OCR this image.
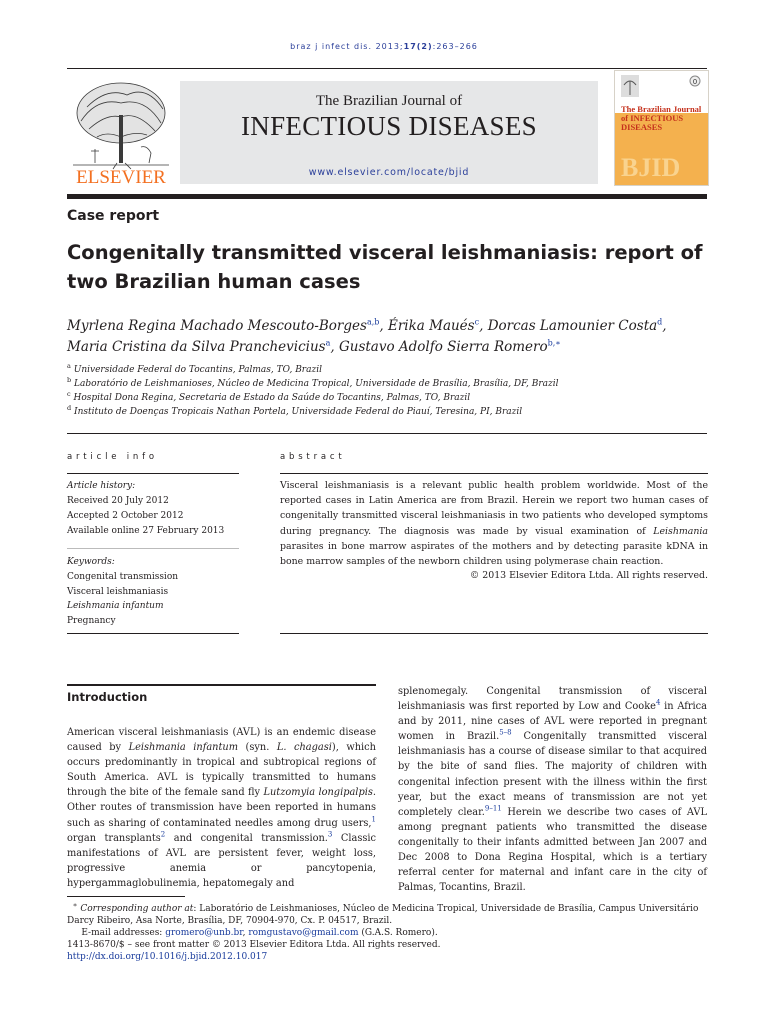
braz j infect dis. 2013;17(2):263–266
ELSEVIER
The Brazilian Journal of
INFECTIOUS DISEASES
www.elsevier.com/locate/bjid
0
The Brazilian Journal of INFECTIOUS DISEASES
BJID
Case report
Congenitally transmitted visceral leishmaniasis: report of two Brazilian human cases
Myrlena Regina Machado Mescouto-Borges$^{a,b}$, Érika Maués$^c$, Dorcas Lamounier Costa$^d$,
Maria Cristina da Silva Pranchevicius$^a$, Gustavo Adolfo Sierra Romero$^{b,∗}$
$^a$ Universidade Federal do Tocantins, Palmas, TO, Brazil
$^b$ Laboratório de Leishmanioses, Núcleo de Medicina Tropical, Universidade de Brasília, Brasília, DF, Brazil
$^c$ Hospital Dona Regina, Secretaria de Estado da Saúde do Tocantins, Palmas, TO, Brazil
$^d$ Instituto de Doenças Tropicais Nathan Portela, Universidade Federal do Piauí, Teresina, PI, Brazil
article info
Article history:
Received 20 July 2012
Accepted 2 October 2012
Available online 27 February 2013
Keywords:
Congenital transmission
Visceral leishmaniasis
Leishmania infantum
Pregnancy
abstract
Visceral leishmaniasis is a relevant public health problem worldwide. Most of the reported cases in Latin America are from Brazil. Herein we report two human cases of congenitally transmitted visceral leishmaniasis in two patients who developed symptoms during pregnancy. The diagnosis was made by visual examination of Leishmania parasites in bone marrow aspirates of the mothers and by detecting parasite kDNA in bone marrow samples of the newborn children using polymerase chain reaction.
© 2013 Elsevier Editora Ltda. All rights reserved.
Introduction
American visceral leishmaniasis (AVL) is an endemic disease caused by Leishmania infantum (syn. L. chagasi), which occurs predominantly in tropical and subtropical regions of South America. AVL is typically transmitted to humans through the bite of the female sand fly Lutzomyia longipalpis. Other routes of transmission have been reported in humans such as sharing of contaminated needles among drug users,$^1$ organ transplants$^2$ and congenital transmission.$^3$ Classic manifestations of AVL are persistent fever, weight loss, progressive anemia or pancytopenia, hypergammaglobulinemia, hepatomegaly and
splenomegaly. Congenital transmission of visceral leishmaniasis was first reported by Low and Cooke$^4$ in Africa and by 2011, nine cases of AVL were reported in pregnant women in Brazil.$^{5-8}$ Congenitally transmitted visceral leishmaniasis has a course of disease similar to that acquired by the bite of sand flies. The majority of children with congenital infection present with the illness within the first year, but the exact means of transmission are not yet completely clear.$^{9-11}$ Herein we describe two cases of AVL among pregnant patients who transmitted the disease congenitally to their infants admitted between Jan 2007 and Dec 2008 to Dona Regina Hospital, which is a tertiary referral center for maternal and infant care in the city of Palmas, Tocantins, Brazil.
∗ Corresponding author at: Laboratório de Leishmanioses, Núcleo de Medicina Tropical, Universidade de Brasília, Campus Universitário Darcy Ribeiro, Asa Norte, Brasília, DF, 70904-970, Cx. P. 04517, Brazil.
E-mail addresses: gromero@unb.br, romgustavo@gmail.com (G.A.S. Romero).
1413-8670/$ – see front matter © 2013 Elsevier Editora Ltda. All rights reserved.
http://dx.doi.org/10.1016/j.bjid.2012.10.017
